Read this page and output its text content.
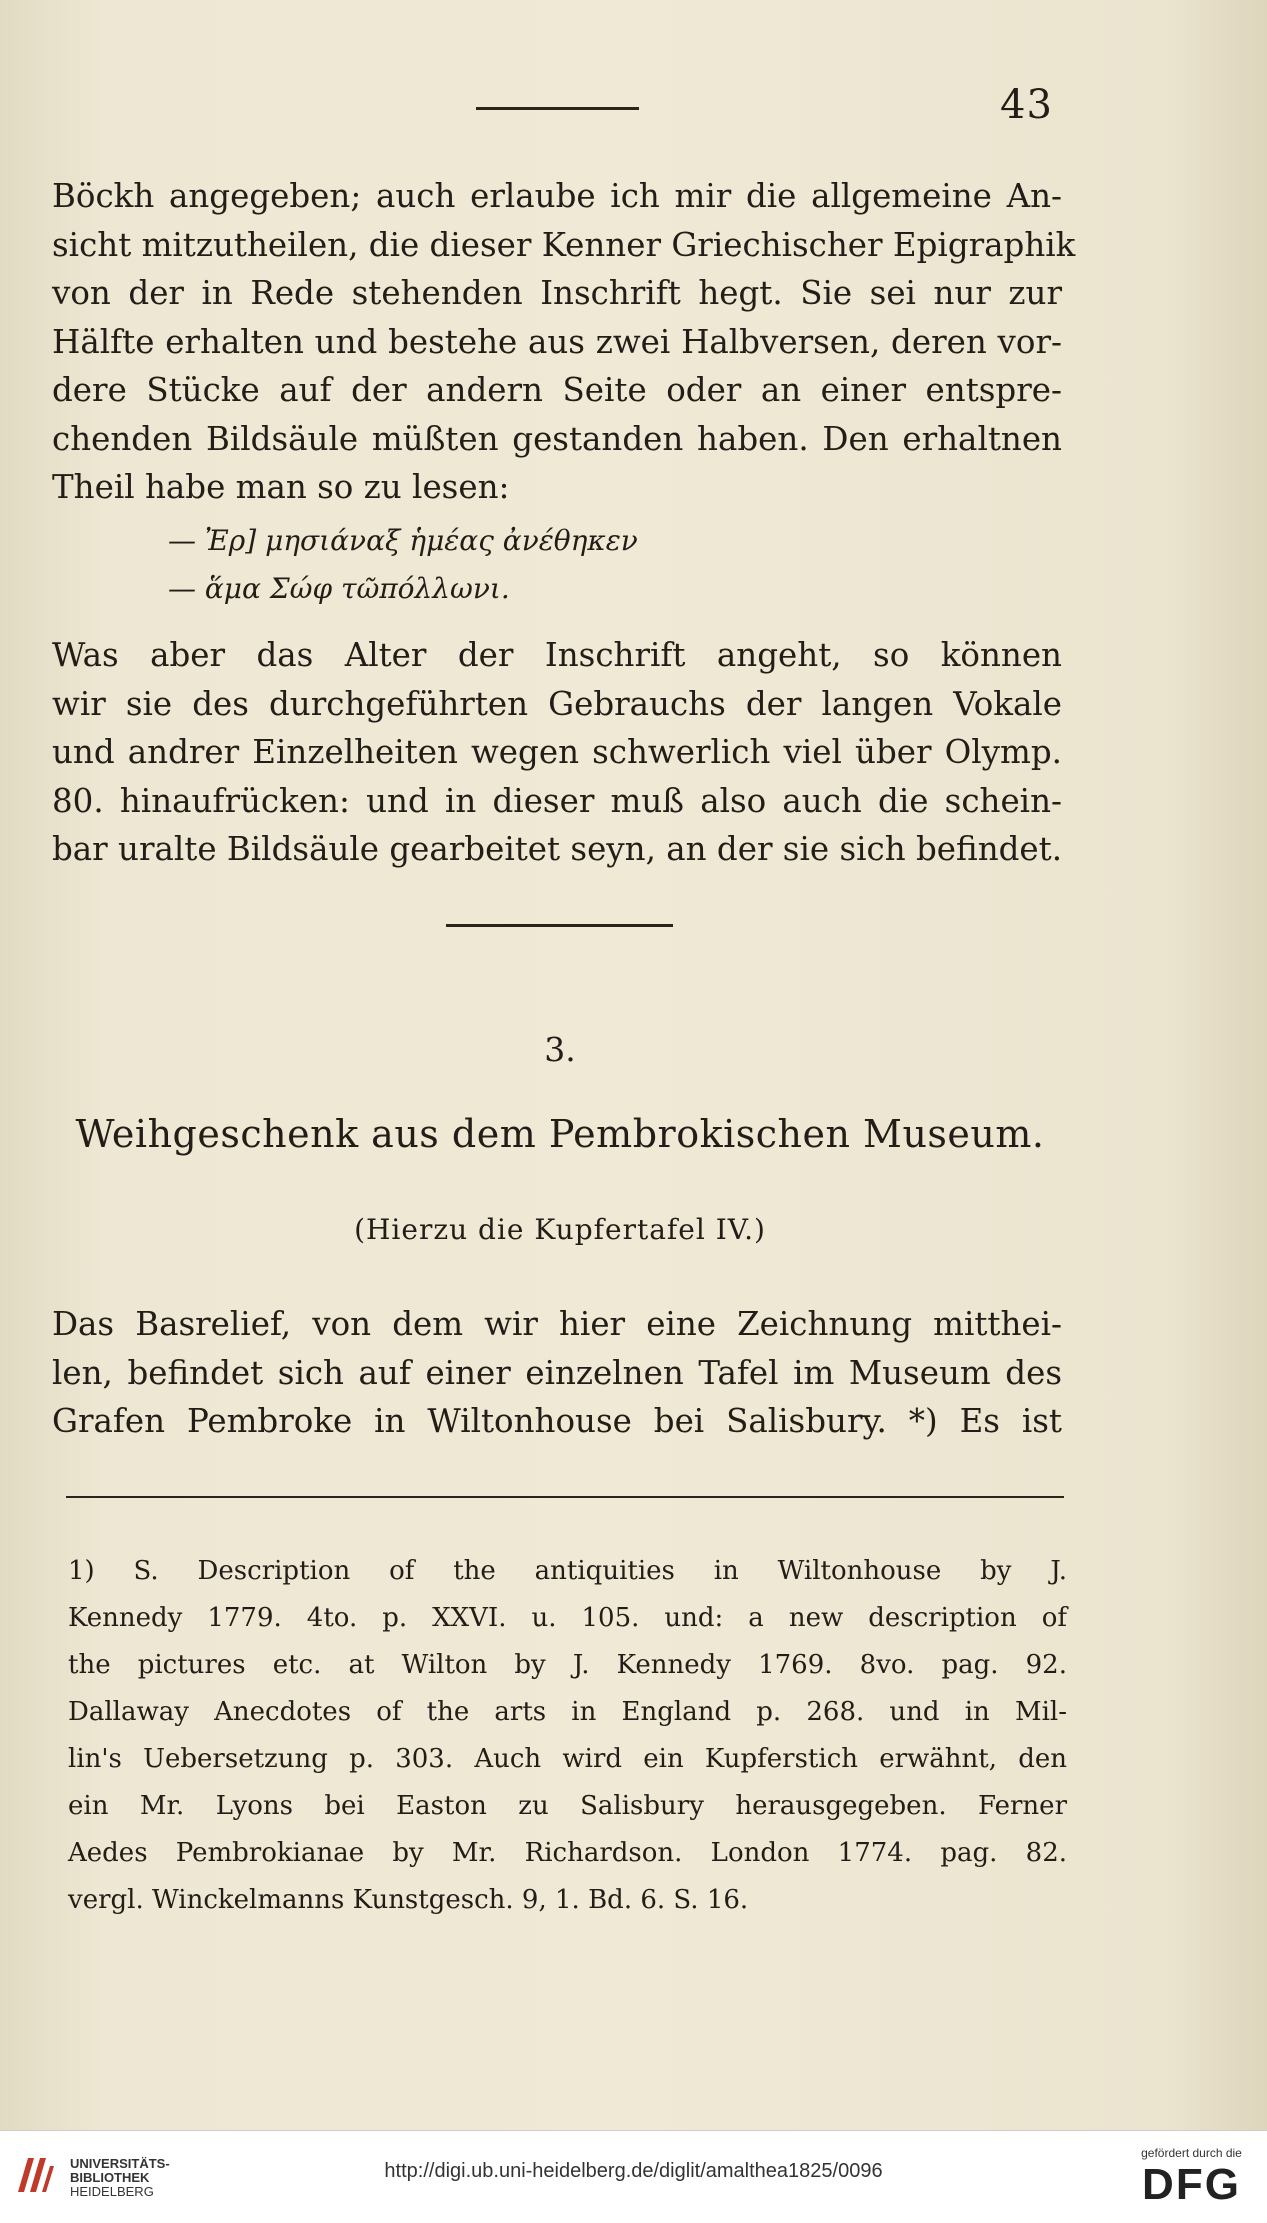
43

Böckh angegeben; auch erlaube ich mir die allgemeine An-
sicht mitzutheilen, die dieser Kenner Griechischer Epigraphik
von der in Rede stehenden Inschrift hegt. Sie sei nur zur
Hälfte erhalten und bestehe aus zwei Halbversen, deren vor-
dere Stücke auf der andern Seite oder an einer entspre-
chenden Bildsäule müßten gestanden haben. Den erhaltnen
Theil habe man so zu lesen:

— Ἐρ] μησιάναξ ἡμέας ἀνέθηκεν
— ἅμα Σώφ τῶπόλλωνι.

Was aber das Alter der Inschrift angeht, so können
wir sie des durchgeführten Gebrauchs der langen Vokale
und andrer Einzelheiten wegen schwerlich viel über Olymp.
80. hinaufrücken: und in dieser muß also auch die schein-
bar uralte Bildsäule gearbeitet seyn, an der sie sich befindet.

3.
Weihgeschenk aus dem Pembrokischen Museum.
(Hierzu die Kupfertafel IV.)

Das Basrelief, von dem wir hier eine Zeichnung mitthei-
len, befindet sich auf einer einzelnen Tafel im Museum des
Grafen Pembroke in Wiltonhouse bei Salisbury. *) Es ist

1) S. Description of the antiquities in Wiltonhouse by J.
Kennedy 1779. 4to. p. XXVI. u. 105. und: a new description of
the pictures etc. at Wilton by J. Kennedy 1769. 8vo. pag. 92.
Dallaway Anecdotes of the arts in England p. 268. und in Mil-
lin's Uebersetzung p. 303. Auch wird ein Kupferstich erwähnt, den
ein Mr. Lyons bei Easton zu Salisbury herausgegeben. Ferner
Aedes Pembrokianae by Mr. Richardson. London 1774. pag. 82.
vergl. Winckelmanns Kunstgesch. 9, 1. Bd. 6. S. 16.

UNIVERSITÄTS-
BIBLIOTHEK
HEIDELBERG
http://digi.ub.uni-heidelberg.de/diglit/amalthea1825/0096
gefördert durch die
DFG
